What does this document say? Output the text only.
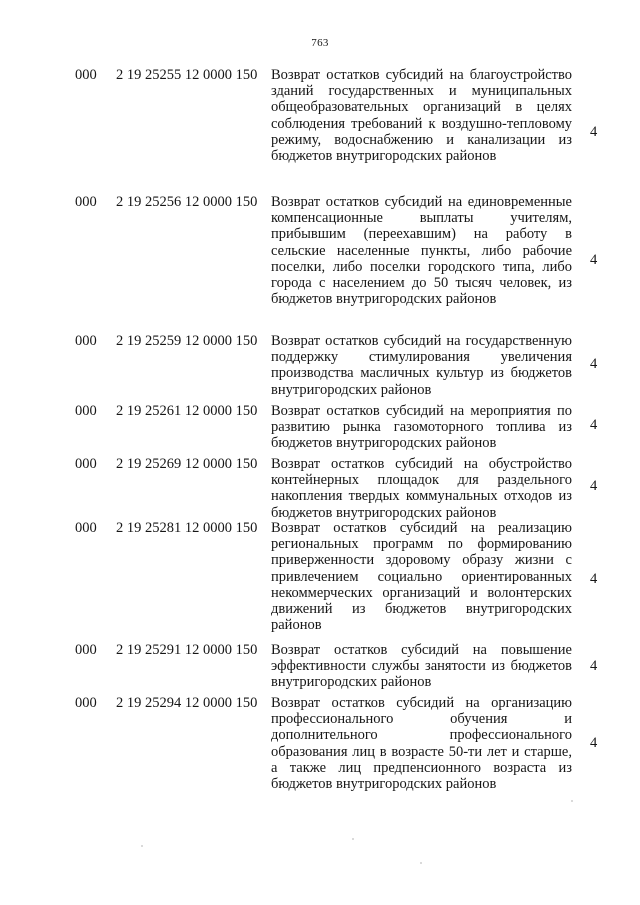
763
000 2 19 25255 12 0000 150 Возврат остатков субсидий на благоустройство зданий государственных и муниципальных общеобразовательных организаций в целях соблюдения требований к воздушно-тепловому режиму, водоснабжению и канализации из бюджетов внутригородских районов
4
000 2 19 25256 12 0000 150 Возврат остатков субсидий на единовременные компенсационные выплаты учителям, прибывшим (переехавшим) на работу в сельские населенные пункты, либо рабочие поселки, либо поселки городского типа, либо города с населением до 50 тысяч человек, из бюджетов внутригородских районов
4
000 2 19 25259 12 0000 150 Возврат остатков субсидий на государственную поддержку стимулирования увеличения производства масличных культур из бюджетов внутригородских районов
4
000 2 19 25261 12 0000 150 Возврат остатков субсидий на мероприятия по развитию рынка газомоторного топлива из бюджетов внутригородских районов
4
000 2 19 25269 12 0000 150 Возврат остатков субсидий на обустройство контейнерных площадок для раздельного накопления твердых коммунальных отходов из бюджетов внутригородских районов
4
000 2 19 25281 12 0000 150 Возврат остатков субсидий на реализацию региональных программ по формированию приверженности здоровому образу жизни с привлечением социально ориентированных некоммерческих организаций и волонтерских движений из бюджетов внутригородских районов
4
000 2 19 25291 12 0000 150 Возврат остатков субсидий на повышение эффективности службы занятости из бюджетов внутригородских районов
4
000 2 19 25294 12 0000 150 Возврат остатков субсидий на организацию профессионального обучения и дополнительного профессионального образования лиц в возрасте 50-ти лет и старше, а также лиц предпенсионного возраста из бюджетов внутригородских районов
4
